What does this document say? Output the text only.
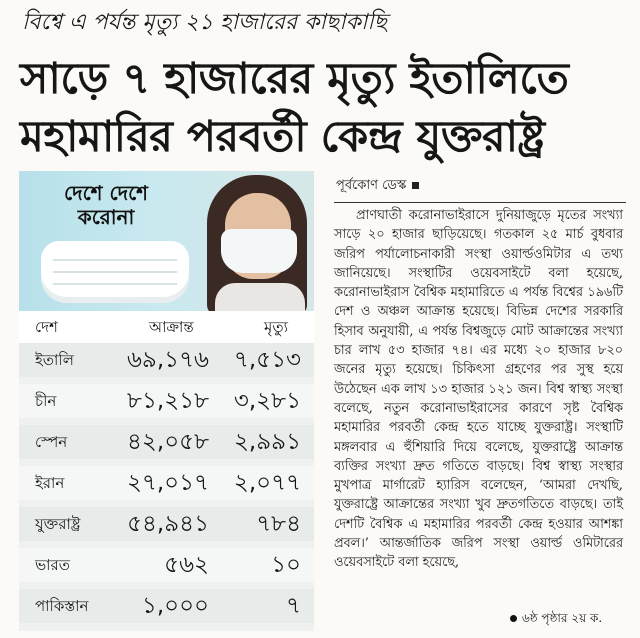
বিশ্বে এ পর্যন্ত মৃত্যু ২১ হাজারের কাছাকাছি
সাড়ে ৭ হাজারের মৃত্যু ইতালিতে
মহামারির পরবর্তী কেন্দ্র যুক্তরাষ্ট্র
দেশে দেশে
করোনা
দেশ	আক্রান্ত	মৃত্যু
ইতালি	৬৯,১৭৬	৭,৫১৩
চীন	৮১,২১৮	৩,২৮১
স্পেন	৪২,০৫৮	২,৯৯১
ইরান	২৭,০১৭	২,০৭৭
যুক্তরাষ্ট্র	৫৪,৯৪১	৭৮৪
ভারত	৫৬২	১০
পাকিস্তান	১,০০০	৭
পূর্বকোণ ডেস্ক
প্রাণঘাতী করোনাভাইরাসে দুনিয়াজুড়ে মৃতের সংখ্যা সাড়ে ২০ হাজার ছাড়িয়েছে। গতকাল ২৫ মার্চ বুধবার জরিপ পর্যালোচনাকারী সংস্থা ওয়ার্ল্ডওমিটার এ তথ্য জানিয়েছে। সংস্থাটির ওয়েবসাইটে বলা হয়েছে, করোনাভাইরাস বৈশ্বিক মহামারিতে এ পর্যন্ত বিশ্বের ১৯৬টি দেশ ও অঞ্চল আক্রান্ত হয়েছে। বিভিন্ন দেশের সরকারি হিসাব অনুযায়ী, এ পর্যন্ত বিশ্বজুড়ে মোট আক্রান্তের সংখ্যা চার লাখ ৫৩ হাজার ৭৪। এর মধ্যে ২০ হাজার ৮২০ জনের মৃত্যু হয়েছে। চিকিৎসা গ্রহণের পর সুস্থ হয়ে উঠেছেন এক লাখ ১৩ হাজার ১২১ জন। বিশ্ব স্বাস্থ্য সংস্থা বলেছে, নতুন করোনাভাইরাসের কারণে সৃষ্ট বৈশ্বিক মহামারির পরবর্তী কেন্দ্র হতে যাচ্ছে যুক্তরাষ্ট্র। সংস্থাটি মঙ্গলবার এ হুঁশিয়ারি দিয়ে বলেছে, যুক্তরাষ্ট্রে আক্রান্ত ব্যক্তির সংখ্যা দ্রুত গতিতে বাড়ছে। বিশ্ব স্বাস্থ্য সংস্থার মুখপাত্র মার্গারেট হ্যারিস বলেছেন, ‘আমরা দেখছি, যুক্তরাষ্ট্রে আক্রান্তের সংখ্যা খুব দ্রুতগতিতে বাড়ছে। তাই দেশটি বৈশ্বিক এ মহামারির পরবর্তী কেন্দ্র হওয়ার আশঙ্কা প্রবল।’ আন্তর্জাতিক জরিপ সংস্থা ওয়ার্ল্ড ওমিটারের ওয়েবসাইটে বলা হয়েছে,
৬ষ্ঠ পৃষ্ঠার ২য় ক.
